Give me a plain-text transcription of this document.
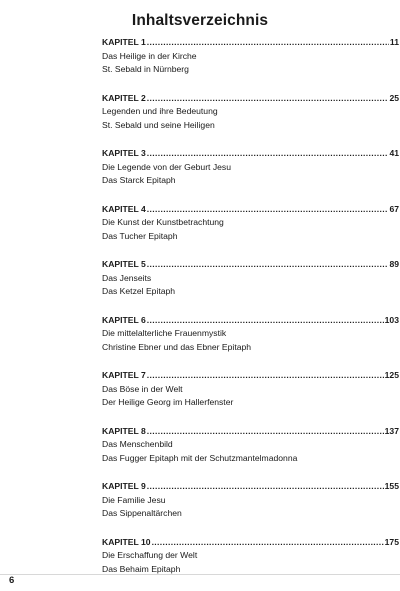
Inhaltsverzeichnis
KAPITEL 1 .....	11
Das Heilige in der Kirche
St. Sebald in Nürnberg
KAPITEL 2 .....	25
Legenden und ihre Bedeutung
St. Sebald und seine Heiligen
KAPITEL 3 .....	41
Die Legende von der Geburt Jesu
Das Starck Epitaph
KAPITEL 4 .....	67
Die Kunst der Kunstbetrachtung
Das Tucher Epitaph
KAPITEL 5 .....	89
Das Jenseits
Das Ketzel Epitaph
KAPITEL 6 .....	103
Die mittelalterliche Frauenmystik
Christine Ebner und das Ebner Epitaph
KAPITEL 7 .....	125
Das Böse in der Welt
Der Heilige Georg im Hallerfenster
KAPITEL 8 .....	137
Das Menschenbild
Das Fugger Epitaph mit der Schutzmantelmadonna
KAPITEL 9 .....	155
Die Familie Jesu
Das Sippenaltärchen
KAPITEL 10 .....	175
Die Erschaffung der Welt
Das Behaim Epitaph
6
